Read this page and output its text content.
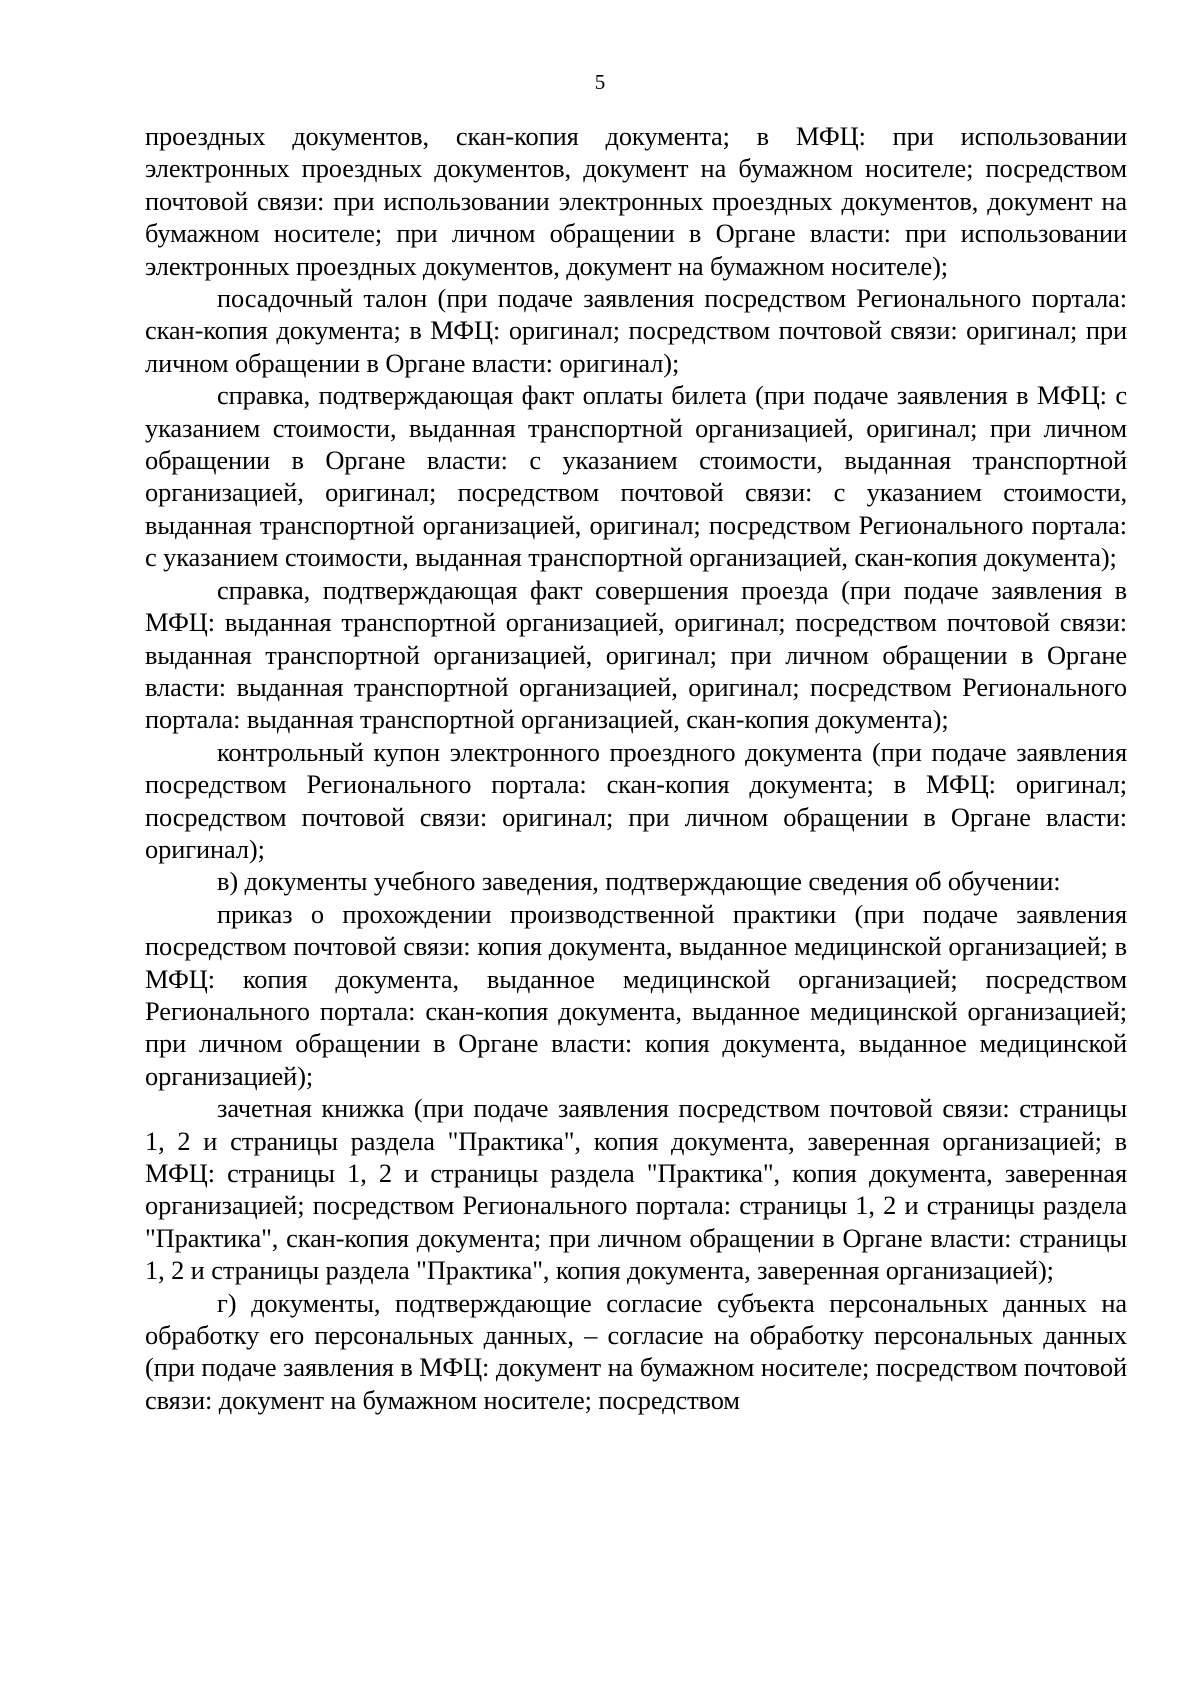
5

проездных документов, скан-копия документа; в МФЦ: при использовании электронных проездных документов, документ на бумажном носителе; посредством почтовой связи: при использовании электронных проездных документов, документ на бумажном носителе; при личном обращении в Органе власти: при использовании электронных проездных документов, документ на бумажном носителе);

посадочный талон (при подаче заявления посредством Регионального портала: скан-копия документа; в МФЦ: оригинал; посредством почтовой связи: оригинал; при личном обращении в Органе власти: оригинал);

справка, подтверждающая факт оплаты билета (при подаче заявления в МФЦ: с указанием стоимости, выданная транспортной организацией, оригинал; при личном обращении в Органе власти: с указанием стоимости, выданная транспортной организацией, оригинал; посредством почтовой связи: с указанием стоимости, выданная транспортной организацией, оригинал; посредством Регионального портала: с указанием стоимости, выданная транспортной организацией, скан-копия документа);

справка, подтверждающая факт совершения проезда (при подаче заявления в МФЦ: выданная транспортной организацией, оригинал; посредством почтовой связи: выданная транспортной организацией, оригинал; при личном обращении в Органе власти: выданная транспортной организацией, оригинал; посредством Регионального портала: выданная транспортной организацией, скан-копия документа);

контрольный купон электронного проездного документа (при подаче заявления посредством Регионального портала: скан-копия документа; в МФЦ: оригинал; посредством почтовой связи: оригинал; при личном обращении в Органе власти: оригинал);

в) документы учебного заведения, подтверждающие сведения об обучении:

приказ о прохождении производственной практики (при подаче заявления посредством почтовой связи: копия документа, выданное медицинской организацией; в МФЦ: копия документа, выданное медицинской организацией; посредством Регионального портала: скан-копия документа, выданное медицинской организацией; при личном обращении в Органе власти: копия документа, выданное медицинской организацией);

зачетная книжка (при подаче заявления посредством почтовой связи: страницы 1, 2 и страницы раздела "Практика", копия документа, заверенная организацией; в МФЦ: страницы 1, 2 и страницы раздела "Практика", копия документа, заверенная организацией; посредством Регионального портала: страницы 1, 2 и страницы раздела "Практика", скан-копия документа; при личном обращении в Органе власти: страницы 1, 2 и страницы раздела "Практика", копия документа, заверенная организацией);

г) документы, подтверждающие согласие субъекта персональных данных на обработку его персональных данных, – согласие на обработку персональных данных (при подаче заявления в МФЦ: документ на бумажном носителе; посредством почтовой связи: документ на бумажном носителе; посредством
